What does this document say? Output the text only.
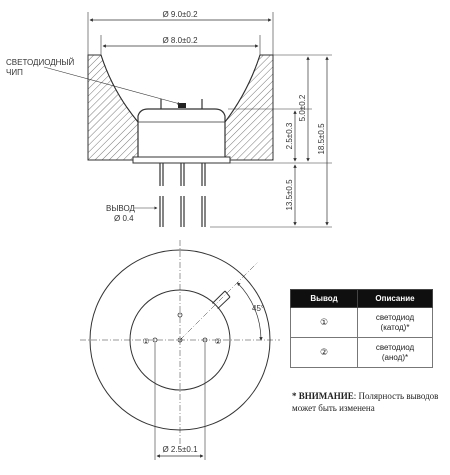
Ø 9.0±0.2
Ø 8.0±0.2
18.5±0.5
5.0±0.2
2.5±0.3
13.5±0.5
СВЕТОДИОДНЫЙ
ЧИП
ВЫВОД
Ø 0.4
①	②
45°
Ø 2.5±0.1
Вывод	Описание
①	светодиод
(катод)*
②	светодиод
(анод)*
* ВНИМАНИЕ: Полярность выводов может быть изменена
